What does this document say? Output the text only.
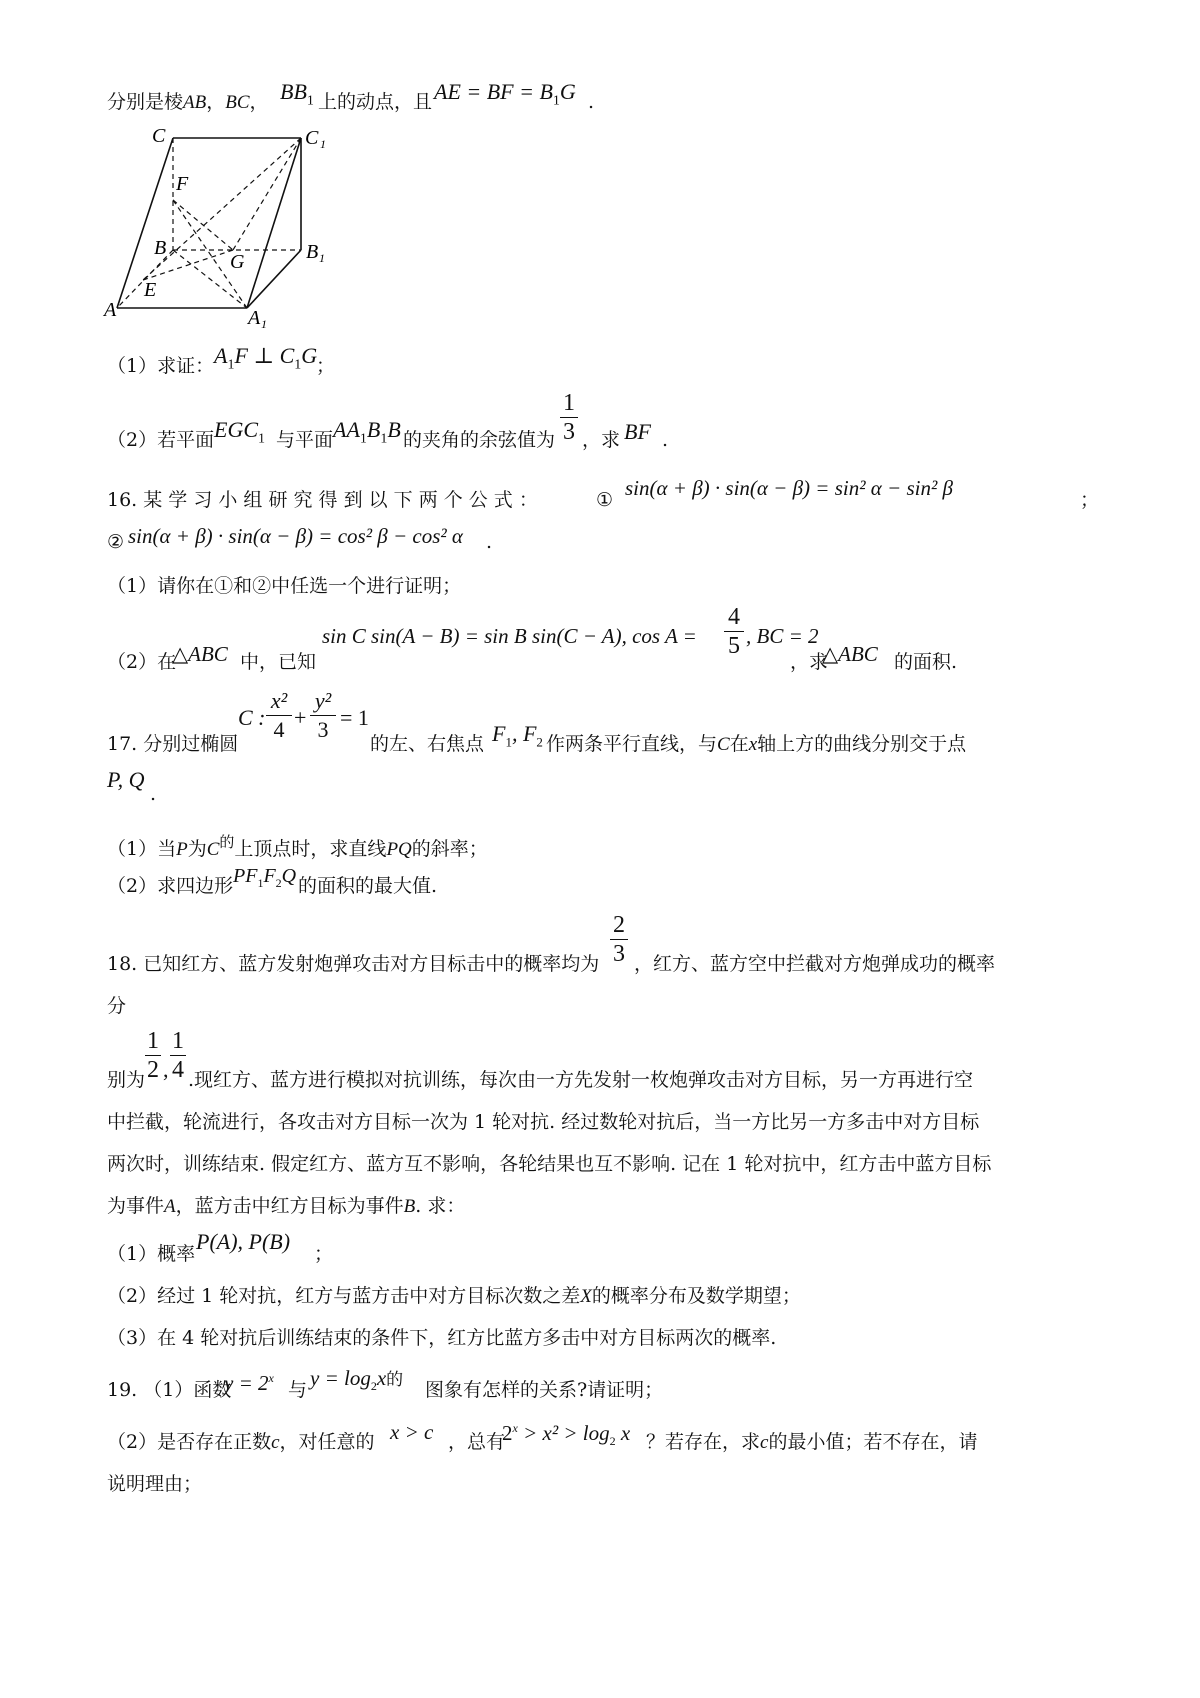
分别是棱AB，BC， $BB_1$ 上的动点，且 AE = BF = $B_1G$ .
C	C 1
F
B	B 1
G
E
A	A 1
（1）求证： $A_1F$ ⊥ $C_1G$
；
（2）若平面 $EGC_1$ 与平面 $AA_1B_1B$ 的夹角的余弦值为
1
3 ，求 BF .
16. 某 学 习 小 组 研 究 得 到 以 下 两 个 公 式 ：	① sin(α + β) · sin(α − β) = sin² α − sin² β	；
② sin(α + β) · sin(α − β) = cos² β − cos² α .
（1）请你在①和②中任选一个进行证明；
（2）在
△ABC 中，已知
sin C sin(A − B) = sin B sin(C − A), cos A =
4
5 , BC = 2
，求
△ABC 的面积.
17. 分别过椭圆
C :
x²
4 +
y²
3 = 1
的左、右焦点 $F_1$, $F_2$ 作两条平行直线，与C在x轴上方的曲线分别交于点
P, Q
.
（1）当P为$C^的$上顶点时，求直线PQ的斜率；
（2）求四边形 $PF_1F_2Q$ 的面积的最大值.
2
3
18. 已知红方、蓝方发射炮弹攻击对方目标击中的概率均为 ，红方、蓝方空中拦截对方炮弹成功的概率
分
1
2 ,
1
4
别为 .现红方、蓝方进行模拟对抗训练，每次由一方先发射一枚炮弹攻击对方目标，另一方再进行空
中拦截，轮流进行，各攻击对方目标一次为 1 轮对抗. 经过数轮对抗后，当一方比另一方多击中对方目标
两次时，训练结束. 假定红方、蓝方互不影响，各轮结果也互不影响. 记在 1 轮对抗中，红方击中蓝方目标
为事件A，蓝方击中红方目标为事件B. 求：
（1）概率 P(A), P(B) ；
（2）经过 1 轮对抗，红方与蓝方击中对方目标次数之差X的概率分布及数学期望；
（3）在 4 轮对抗后训练结束的条件下，红方比蓝方多击中对方目标两次的概率.
19. （1）函数
$y = 2^x$
与 $y = \log_2x$的 图象有怎样的关系?请证明；
（2）是否存在正数c，对任意的 x > c ，总有
$2^x > x^2 > \log_2 x$ ？若存在，求c的最小值；若不存在，请
说明理由；
